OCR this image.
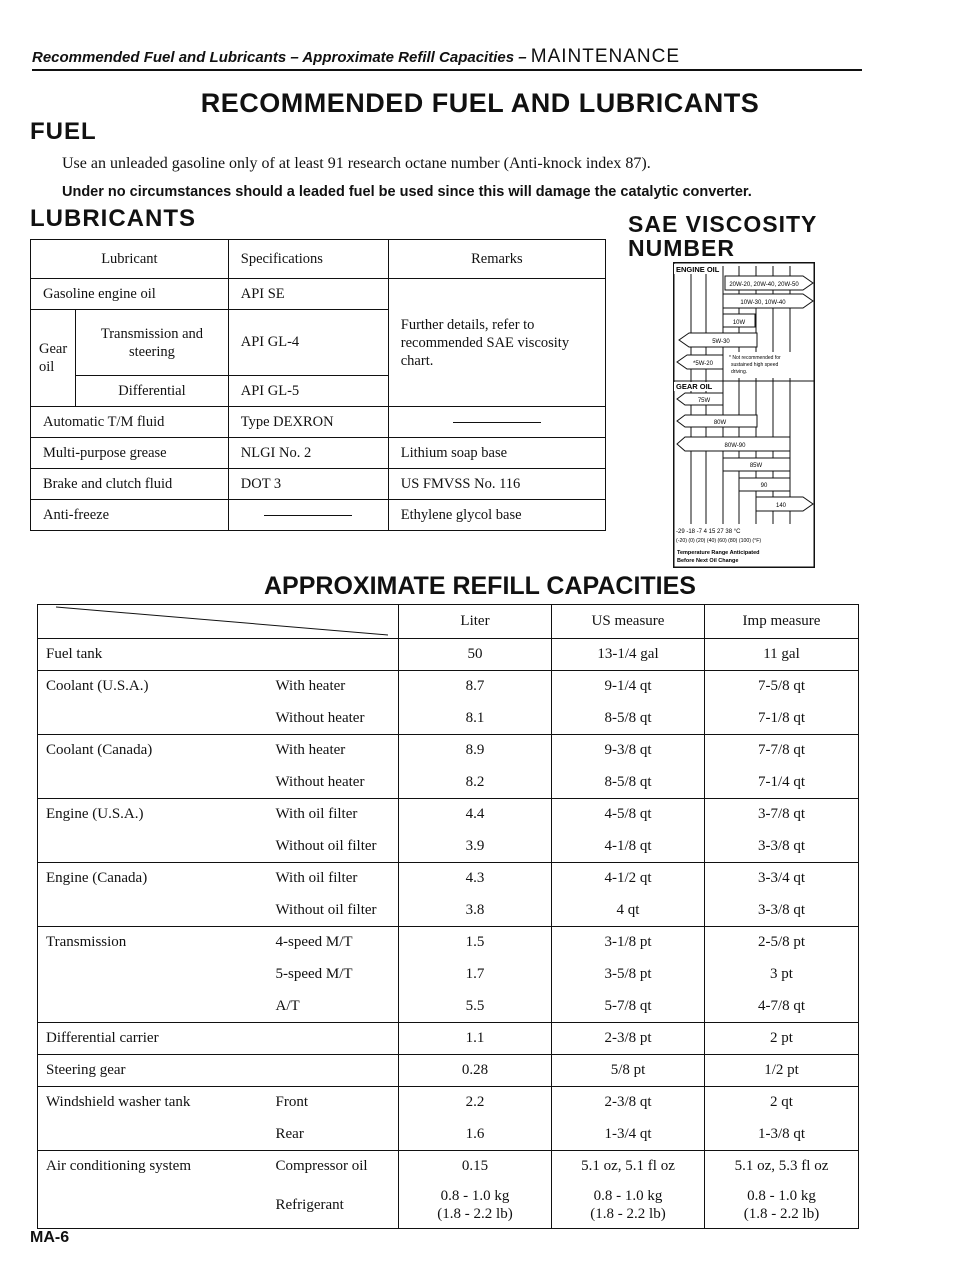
Recommended Fuel and Lubricants – Approximate Refill Capacities – MAINTENANCE
RECOMMENDED FUEL AND LUBRICANTS
FUEL
Use an unleaded gasoline only of at least 91 research octane number (Anti-knock index 87).
Under no circumstances should a leaded fuel be used since this will damage the catalytic converter.
LUBRICANTS
Lubricant		Specifications	Remarks
Gasoline engine oil		API SE	Further details, refer to recommended SAE viscosity chart.
Gear oil	Transmission and steering	API GL-4	
	Differential	API GL-5	
Automatic T/M fluid		Type DEXRON	
Multi-purpose grease		NLGI No. 2	Lithium soap base
Brake and clutch fluid		DOT 3	US FMVSS No. 116
Anti-freeze			Ethylene glycol base
SAE VISCOSITY NUMBER
ENGINE OIL
20W-20, 20W-40, 20W-50
10W-30, 10W-40
10W
5W-30
*5W-20
* Not recommended for
sustained high speed
driving.
GEAR OIL
75W
80W
80W-90
85W
90
140
-29 -18 -7 4 15 27 38 °C
(-20) (0) (20) (40) (60) (80) (100) (°F)
Temperature Range Anticipated
Before Next Oil Change
APPROXIMATE REFILL CAPACITIES
	Liter	US measure	Imp measure
Fuel tank		50	13-1/4 gal	11 gal
Coolant (U.S.A.)	With heater	8.7	9-1/4 qt	7-5/8 qt
	Without heater	8.1	8-5/8 qt	7-1/8 qt
Coolant (Canada)	With heater	8.9	9-3/8 qt	7-7/8 qt
	Without heater	8.2	8-5/8 qt	7-1/4 qt
Engine (U.S.A.)	With oil filter	4.4	4-5/8 qt	3-7/8 qt
	Without oil filter	3.9	4-1/8 qt	3-3/8 qt
Engine (Canada)	With oil filter	4.3	4-1/2 qt	3-3/4 qt
	Without oil filter	3.8	4 qt	3-3/8 qt
Transmission	4-speed M/T	1.5	3-1/8 pt	2-5/8 pt
	5-speed M/T	1.7	3-5/8 pt	3 pt
	A/T	5.5	5-7/8 qt	4-7/8 qt
Differential carrier		1.1	2-3/8 pt	2 pt
Steering gear		0.28	5/8 pt	1/2 pt
Windshield washer tank	Front	2.2	2-3/8 qt	2 qt
	Rear	1.6	1-3/4 qt	1-3/8 qt
Air conditioning system	Compressor oil	0.15	5.1 oz, 5.1 fl oz	5.1 oz, 5.3 fl oz
	Refrigerant	0.8 - 1.0 kg
(1.8 - 2.2 lb)	0.8 - 1.0 kg
(1.8 - 2.2 lb)	0.8 - 1.0 kg
(1.8 - 2.2 lb)
MA-6
